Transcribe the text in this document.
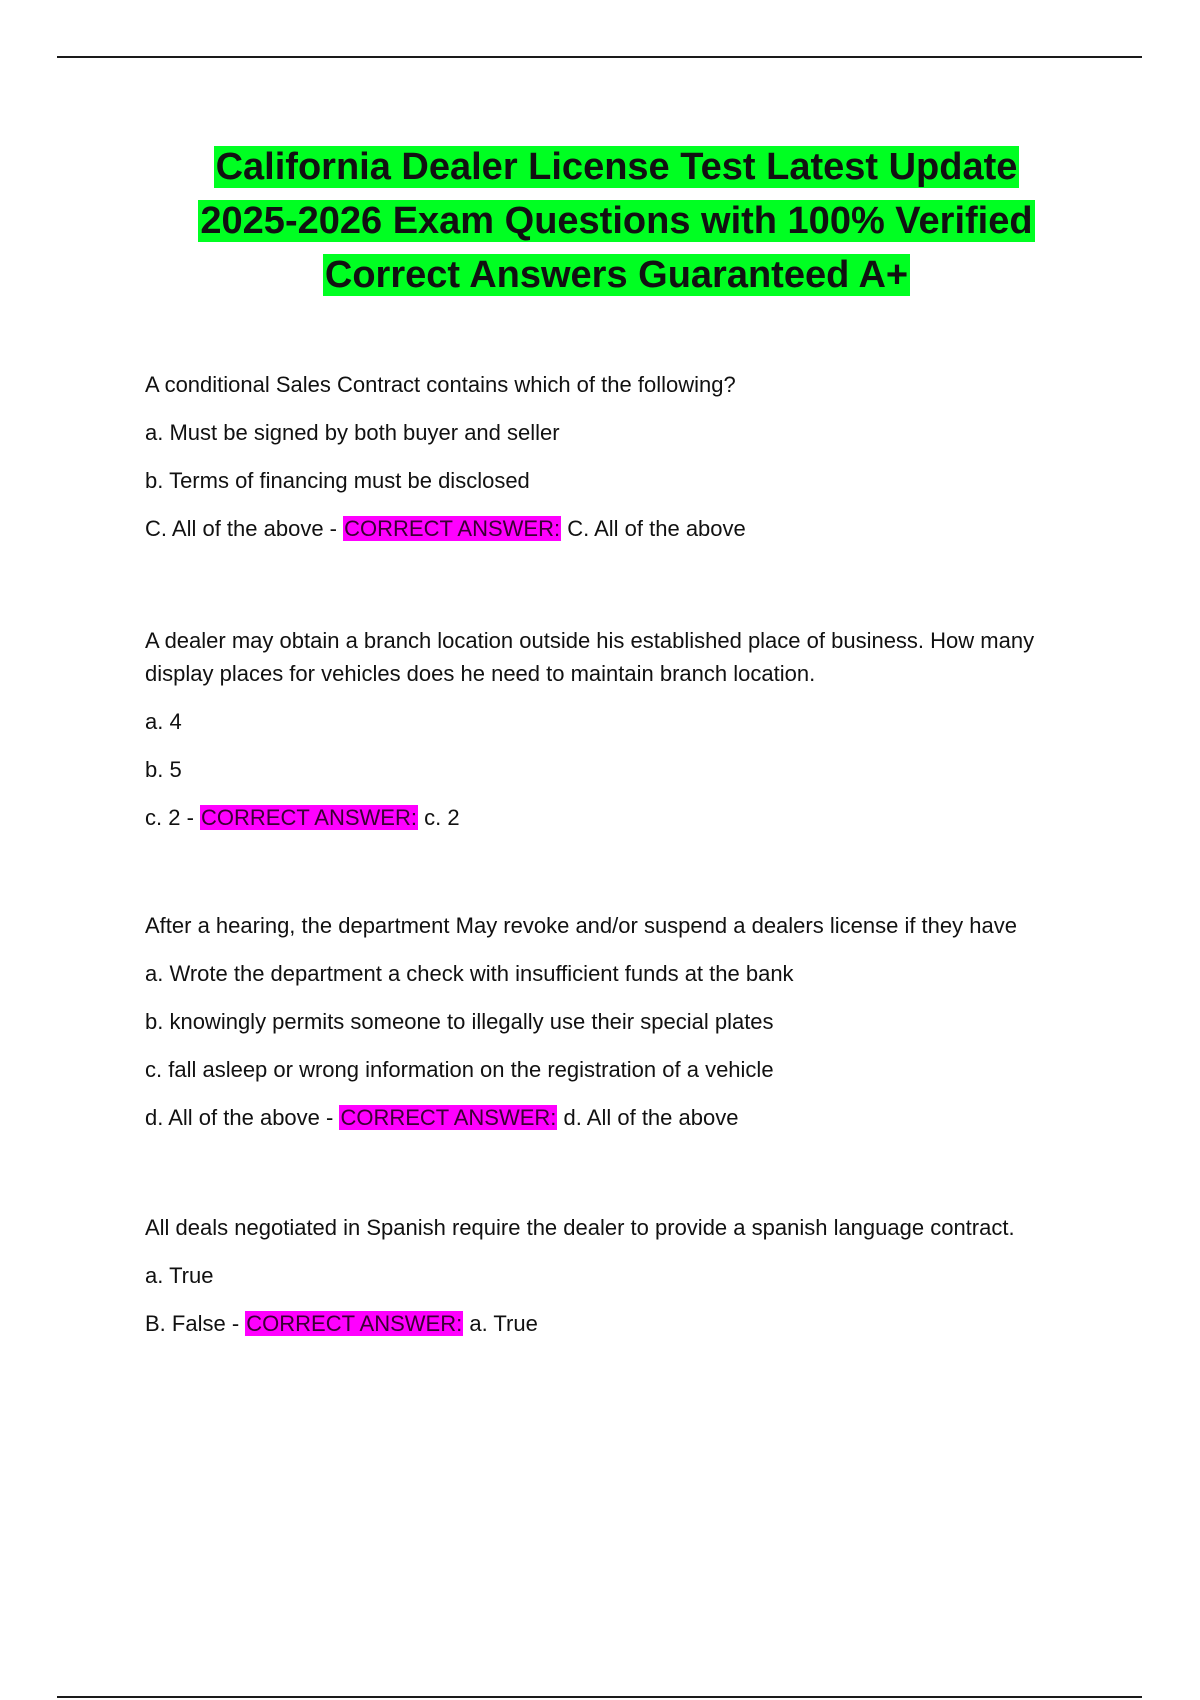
California Dealer License Test Latest Update
2025-2026 Exam Questions with 100% Verified
Correct Answers Guaranteed A+

A conditional Sales Contract contains which of the following?

a. Must be signed by both buyer and seller

b. Terms of financing must be disclosed

C. All of the above - CORRECT ANSWER: C. All of the above

A dealer may obtain a branch location outside his established place of business. How many display places for vehicles does he need to maintain branch location.

a. 4

b. 5

c. 2 - CORRECT ANSWER: c. 2

After a hearing, the department May revoke and/or suspend a dealers license if they have

a. Wrote the department a check with insufficient funds at the bank

b. knowingly permits someone to illegally use their special plates

c. fall asleep or wrong information on the registration of a vehicle

d. All of the above - CORRECT ANSWER: d. All of the above

All deals negotiated in Spanish require the dealer to provide a spanish language contract.

a. True

B. False - CORRECT ANSWER: a. True
